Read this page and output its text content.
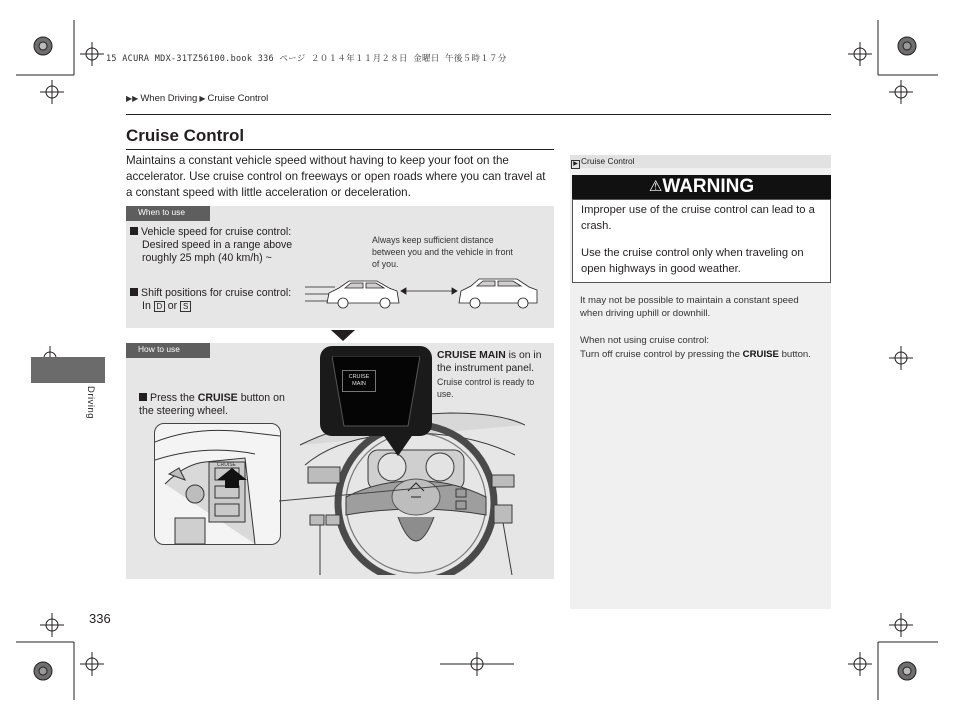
15 ACURA MDX-31TZ56100.book 336 ページ ２０１４年１１月２８日 金曜日 午後５時１７分
▶▶ When Driving ▶ Cruise Control
Cruise Control
Maintains a constant vehicle speed without having to keep your foot on the accelerator. Use cruise control on freeways or open roads where you can travel at a constant speed with little acceleration or deceleration.
When to use
Vehicle speed for cruise control:
Desired speed in a range above roughly 25 mph (40 km/h) ~
Shift positions for cruise control:
In D or S
Always keep sufficient distance between you and the vehicle in front of you.
How to use
Press the CRUISE button on the steering wheel.
CRUISE MAIN is on in the instrument panel.
Cruise control is ready to use.
CRUISE
MAIN
CRUISE
▶ Cruise Control
⚠WARNING
Improper use of the cruise control can lead to a crash.
Use the cruise control only when traveling on open highways in good weather.
It may not be possible to maintain a constant speed when driving uphill or downhill.
When not using cruise control:
Turn off cruise control by pressing the CRUISE button.
Driving
336
